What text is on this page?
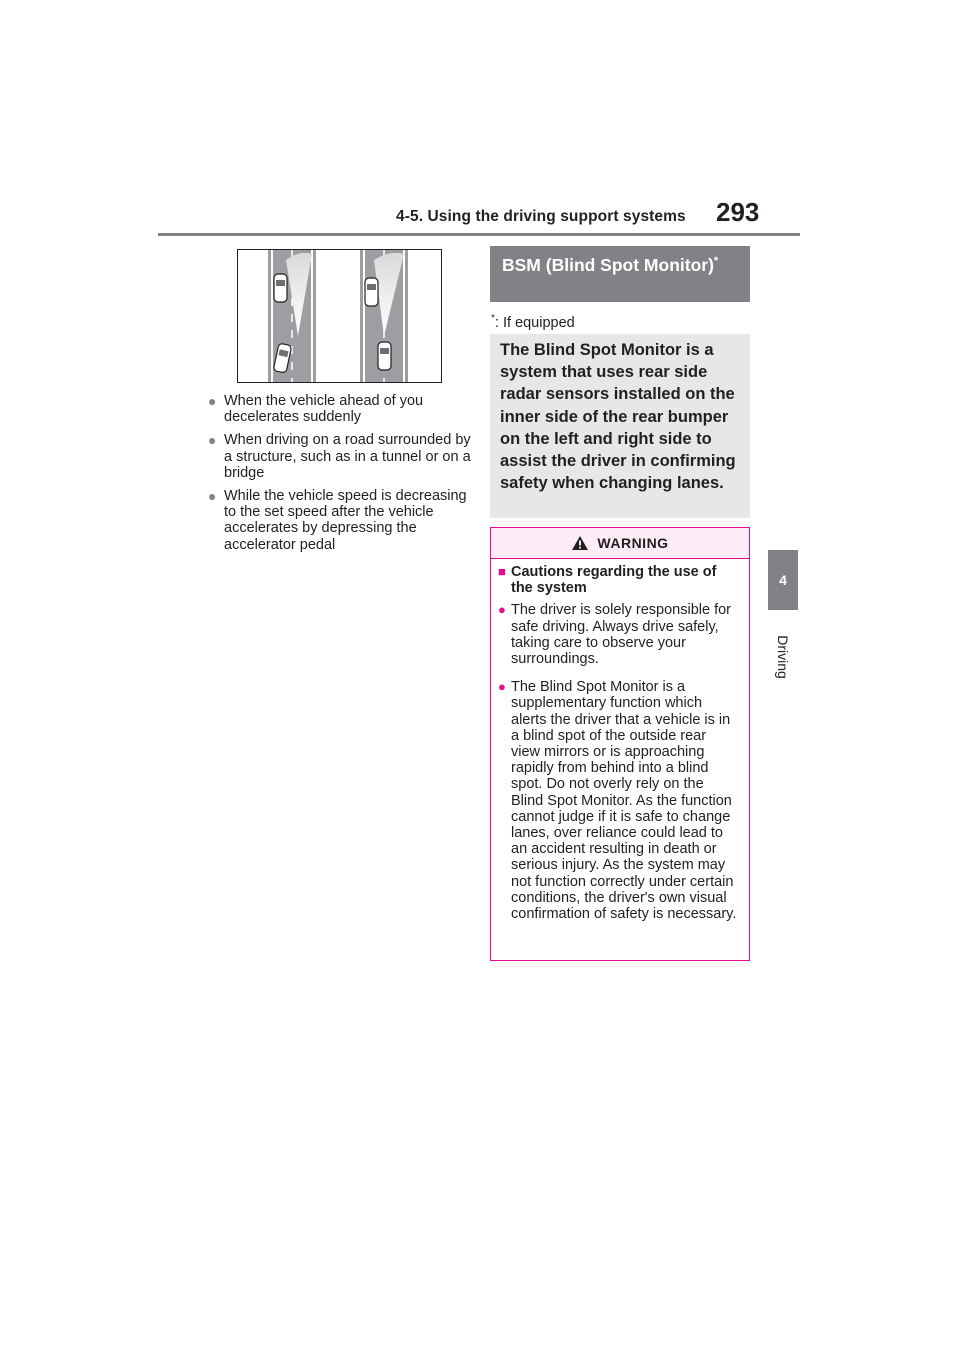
4-5. Using the driving support systems 293
4
Driving
● When the vehicle ahead of you decelerates suddenly
● When driving on a road surrounded by a structure, such as in a tunnel or on a bridge
● While the vehicle speed is decreasing to the set speed after the vehicle accelerates by depressing the accelerator pedal
BSM (Blind Spot Monitor)*
*: If equipped
The Blind Spot Monitor is a system that uses rear side radar sensors installed on the inner side of the rear bumper on the left and right side to assist the driver in confirming safety when changing lanes.
WARNING
■ Cautions regarding the use of the system
● The driver is solely responsible for safe driving. Always drive safely, taking care to observe your surroundings.
● The Blind Spot Monitor is a supplementary function which alerts the driver that a vehicle is in a blind spot of the outside rear view mirrors or is approaching rapidly from behind into a blind spot. Do not overly rely on the Blind Spot Monitor. As the function cannot judge if it is safe to change lanes, over reliance could lead to an accident resulting in death or serious injury. As the system may not function correctly under certain conditions, the driver's own visual confirmation of safety is necessary.
